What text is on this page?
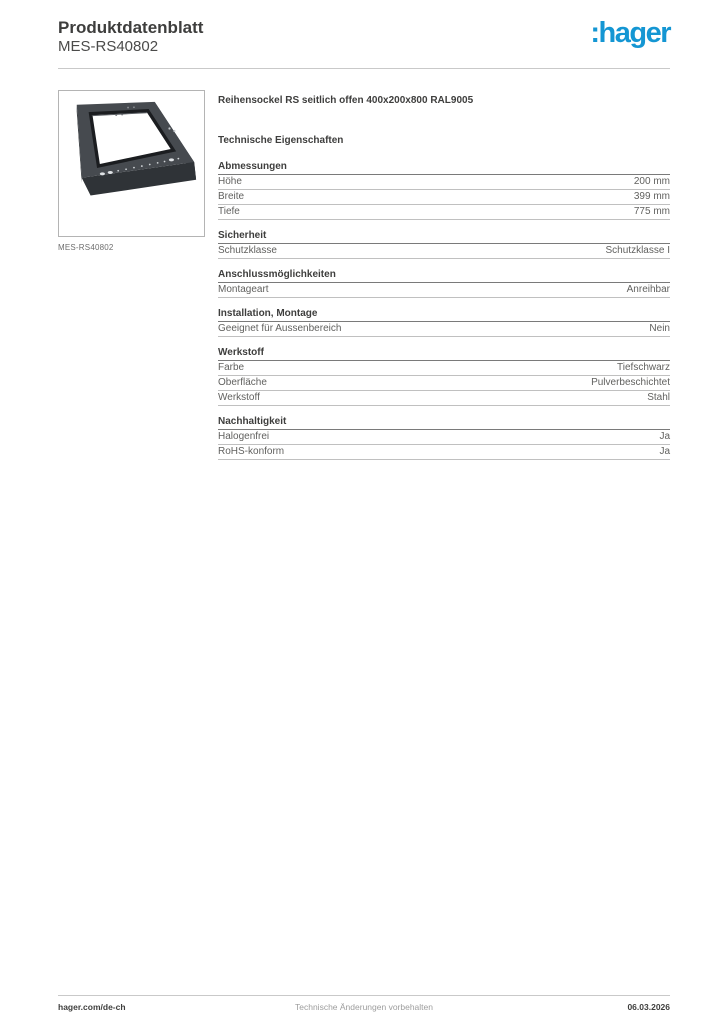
Produktdatenblatt
MES-RS40802	:hager
MES-RS40802
Reihensockel RS seitlich offen 400x200x800 RAL9005
Technische Eigenschaften
Abmessungen
Höhe	200 mm
Breite	399 mm
Tiefe	775 mm
Sicherheit
Schutzklasse	Schutzklasse I
Anschlussmöglichkeiten
Montageart	Anreihbar
Installation, Montage
Geeignet für Aussenbereich	Nein
Werkstoff
Farbe	Tiefschwarz
Oberfläche	Pulverbeschichtet
Werkstoff	Stahl
Nachhaltigkeit
Halogenfrei	Ja
RoHS-konform	Ja
hager.com/de-ch	Technische Änderungen vorbehalten	06.03.2026
